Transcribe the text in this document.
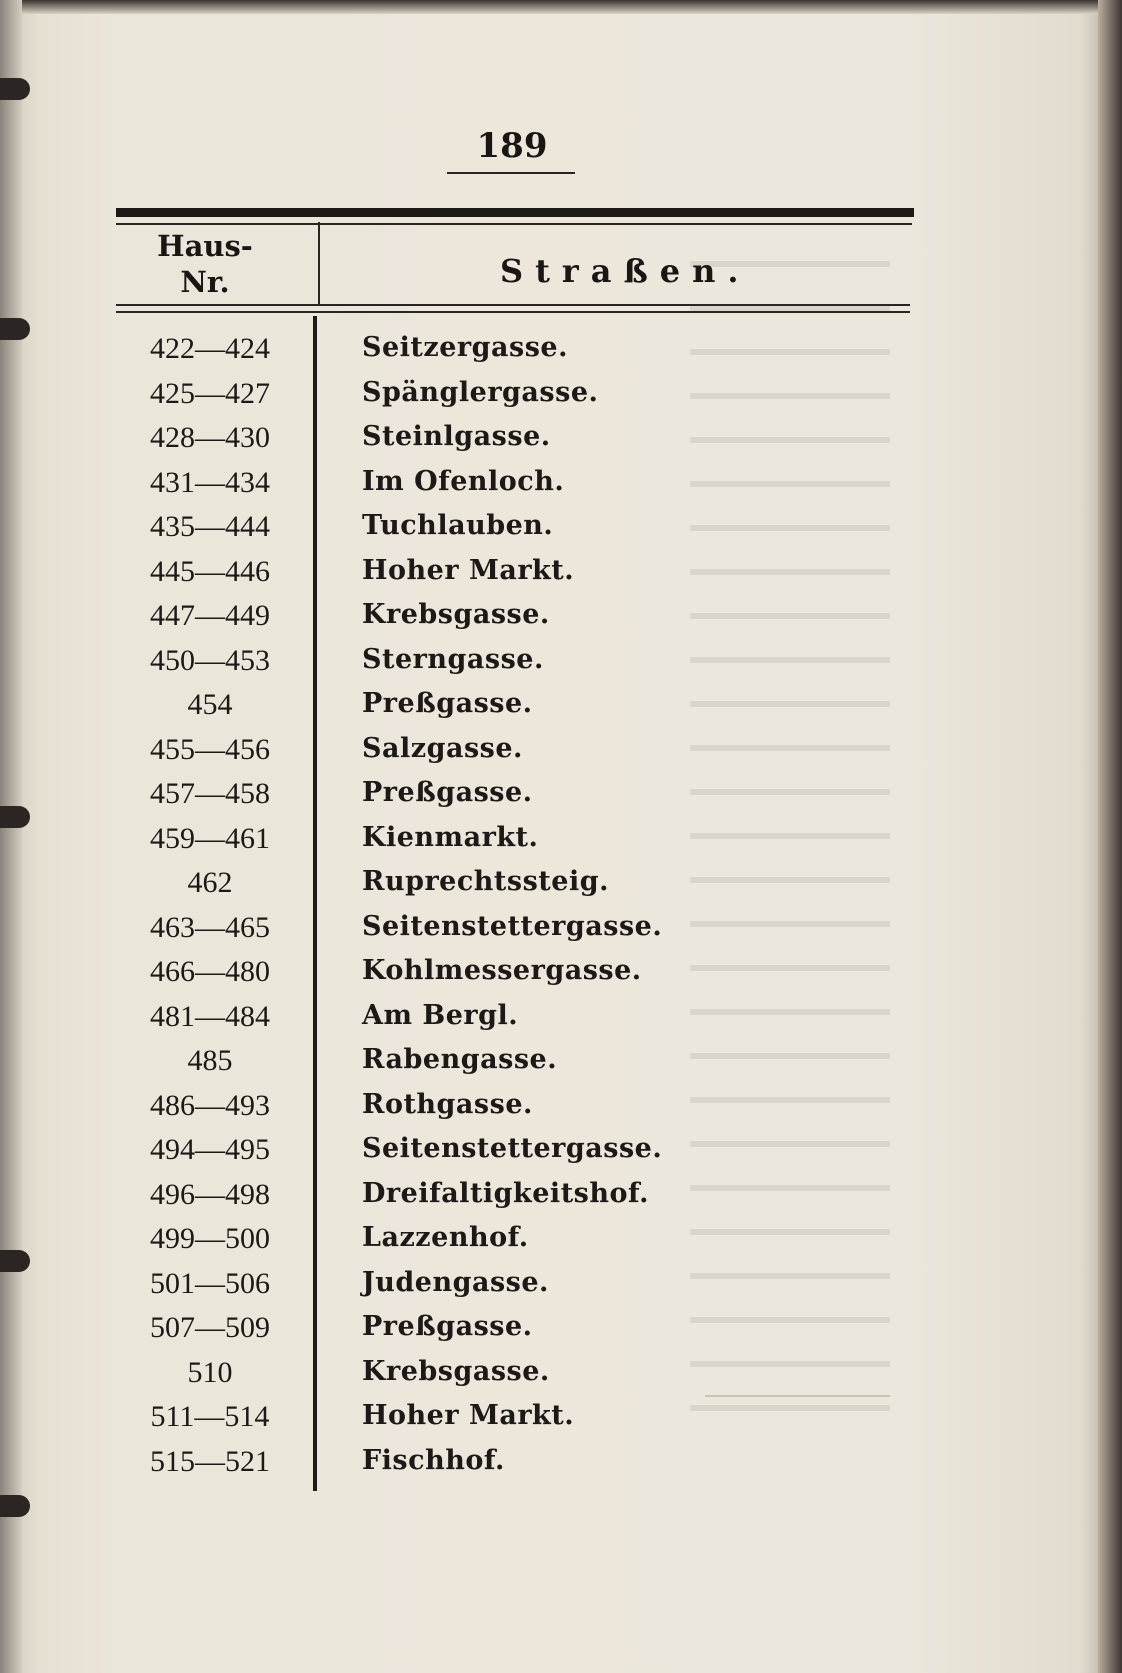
189
Haus-
Nr.	Straßen.
422—424	Seitzergasse.
425—427	Spänglergasse.
428—430	Steinlgasse.
431—434	Im Ofenloch.
435—444	Tuchlauben.
445—446	Hoher Markt.
447—449	Krebsgasse.
450—453	Sterngasse.
454	Preßgasse.
455—456	Salzgasse.
457—458	Preßgasse.
459—461	Kienmarkt.
462	Ruprechtssteig.
463—465	Seitenstettergasse.
466—480	Kohlmessergasse.
481—484	Am Bergl.
485	Rabengasse.
486—493	Rothgasse.
494—495	Seitenstettergasse.
496—498	Dreifaltigkeitshof.
499—500	Lazzenhof.
501—506	Judengasse.
507—509	Preßgasse.
510	Krebsgasse.
511—514	Hoher Markt.
515—521	Fischhof.
